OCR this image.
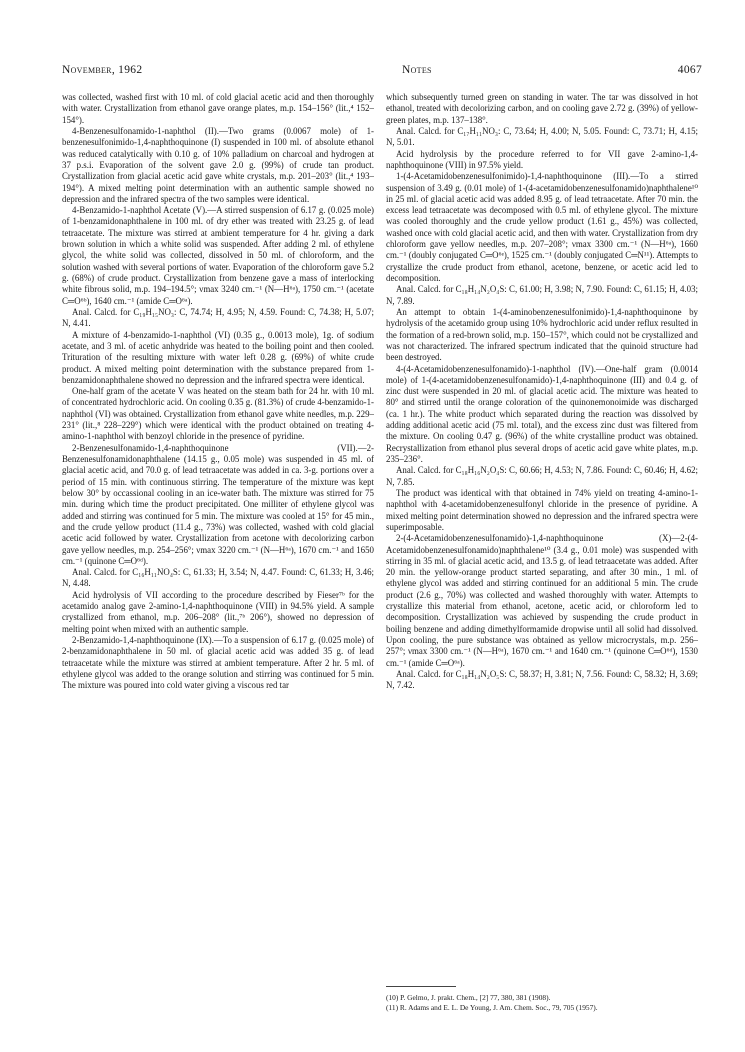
November, 1962	Notes	4067

was collected, washed first with 10 ml. of cold glacial acetic acid and then thoroughly with water. Crystallization from ethanol gave orange plates, m.p. 154–156° (lit.,⁴ 152–154°).

4-Benzenesulfonamido-1-naphthol (II).—Two grams (0.0067 mole) of 1-benzenesulfonimido-1,4-naphthoquinone (I) suspended in 100 ml. of absolute ethanol was reduced catalytically with 0.10 g. of 10% palladium on charcoal and hydrogen at 37 p.s.i. Evaporation of the solvent gave 2.0 g. (99%) of crude tan product. Crystallization from glacial acetic acid gave white crystals, m.p. 201–203° (lit.,⁴ 193–194°). A mixed melting point determination with an authentic sample showed no depression and the infrared spectra of the two samples were identical.

4-Benzamido-1-naphthol Acetate (V).—A stirred suspension of 6.17 g. (0.025 mole) of 1-benzamidonaphthalene in 100 ml. of dry ether was treated with 23.25 g. of lead tetraacetate. The mixture was stirred at ambient temperature for 4 hr. giving a dark brown solution in which a white solid was suspended. After adding 2 ml. of ethylene glycol, the white solid was collected, dissolved in 50 ml. of chloroform, and the solution washed with several portions of water. Evaporation of the chloroform gave 5.2 g. (68%) of crude product. Crystallization from benzene gave a mass of interlocking white fibrous solid, m.p. 194–194.5°; νmax 3240 cm.⁻¹ (N—H⁶ᵃ), 1750 cm.⁻¹ (acetate C═O⁶ᵇ), 1640 cm.⁻¹ (amide C═O⁶ᵃ).

Anal. Calcd. for C₁₉H₁₅NO₃: C, 74.74; H, 4.95; N, 4.59. Found: C, 74.38; H, 5.07; N, 4.41.

A mixture of 4-benzamido-1-naphthol (VI) (0.35 g., 0.0013 mole), 1g. of sodium acetate, and 3 ml. of acetic anhydride was heated to the boiling point and then cooled. Trituration of the resulting mixture with water left 0.28 g. (69%) of white crude product. A mixed melting point determination with the substance prepared from 1-benzamidonaphthalene showed no depression and the infrared spectra were identical.

One-half gram of the acetate V was heated on the steam bath for 24 hr. with 10 ml. of concentrated hydrochloric acid. On cooling 0.35 g. (81.3%) of crude 4-benzamido-1-naphthol (VI) was obtained. Crystallization from ethanol gave white needles, m.p. 229–231° (lit.,⁸ 228–229°) which were identical with the product obtained on treating 4-amino-1-naphthol with benzoyl chloride in the presence of pyridine.

2-Benzenesulfonamido-1,4-naphthoquinone (VII).—2-Benzenesulfonamidonaphthalene (14.15 g., 0.05 mole) was suspended in 45 ml. of glacial acetic acid, and 70.0 g. of lead tetraacetate was added in ca. 3-g. portions over a period of 15 min. with continuous stirring. The temperature of the mixture was kept below 30° by occassional cooling in an ice-water bath. The mixture was stirred for 75 min. during which time the product precipitated. One milliter of ethylene glycol was added and stirring was continued for 5 min. The mixture was cooled at 15° for 45 min., and the crude yellow product (11.4 g., 73%) was collected, washed with cold glacial acetic acid followed by water. Crystallization from acetone with decolorizing carbon gave yellow needles, m.p. 254–256°; νmax 3220 cm.⁻¹ (N—H⁶ᵃ), 1670 cm.⁻¹ and 1650 cm.⁻¹ (quinone C═O⁶ᵈ).

Anal. Calcd. for C₁₆H₁₁NO₄S: C, 61.33; H, 3.54; N, 4.47. Found: C, 61.33; H, 3.46; N, 4.48.

Acid hydrolysis of VII according to the procedure described by Fieser⁷ᵇ for the acetamido analog gave 2-amino-1,4-naphthoquinone (VIII) in 94.5% yield. A sample crystallized from ethanol, m.p. 206–208° (lit.,⁷ᵇ 206°), showed no depression of melting point when mixed with an authentic sample.

2-Benzamido-1,4-naphthoquinone (IX).—To a suspension of 6.17 g. (0.025 mole) of 2-benzamidonaphthalene in 50 ml. of glacial acetic acid was added 35 g. of lead tetraacetate while the mixture was stirred at ambient temperature. After 2 hr. 5 ml. of ethylene glycol was added to the orange solution and stirring was continued for 5 min. The mixture was poured into cold water giving a viscous red tar

which subsequently turned green on standing in water. The tar was dissolved in hot ethanol, treated with decolorizing carbon, and on cooling gave 2.72 g. (39%) of yellow-green plates, m.p. 137–138°.

Anal. Calcd. for C₁₇H₁₁NO₃: C, 73.64; H, 4.00; N, 5.05. Found: C, 73.71; H, 4.15; N, 5.01.

Acid hydrolysis by the procedure referred to for VII gave 2-amino-1,4-naphthoquinone (VIII) in 97.5% yield.

1-(4-Acetamidobenzenesulfonimido)-1,4-naphthoquinone (III).—To a stirred suspension of 3.49 g. (0.01 mole) of 1-(4-acetamidobenzenesulfonamido)naphthalene¹⁰ in 25 ml. of glacial acetic acid was added 8.95 g. of lead tetraacetate. After 70 min. the excess lead tetraacetate was decomposed with 0.5 ml. of ethylene glycol. The mixture was cooled thoroughly and the crude yellow product (1.61 g., 45%) was collected, washed once with cold glacial acetic acid, and then with water. Crystallization from dry chloroform gave yellow needles, m.p. 207–208°; νmax 3300 cm.⁻¹ (N—H⁶ᵃ), 1660 cm.⁻¹ (doubly conjugated C═O⁶ᵉ), 1525 cm.⁻¹ (doubly conjugated C═N¹¹). Attempts to crystallize the crude product from ethanol, acetone, benzene, or acetic acid led to decomposition.

Anal. Calcd. for C₁₈H₁₄N₂O₄S: C, 61.00; H, 3.98; N, 7.90. Found: C, 61.15; H, 4.03; N, 7.89.

An attempt to obtain 1-(4-aminobenzenesulfonimido)-1,4-naphthoquinone by hydrolysis of the acetamido group using 10% hydrochloric acid under reflux resulted in the formation of a red-brown solid, m.p. 150–157°, which could not be crystallized and was not characterized. The infrared spectrum indicated that the quinoid structure had been destroyed.

4-(4-Acetamidobenzenesulfonamido)-1-naphthol (IV).—One-half gram (0.0014 mole) of 1-(4-acetamidobenzenesulfonamido)-1,4-naphthoquinone (III) and 0.4 g. of zinc dust were suspended in 20 ml. of glacial acetic acid. The mixture was heated to 80° and stirred until the orange coloration of the quinonemonoimide was discharged (ca. 1 hr.). The white product which separated during the reaction was dissolved by adding additional acetic acid (75 ml. total), and the excess zinc dust was filtered from the mixture. On cooling 0.47 g. (96%) of the white crystalline product was obtained. Recrystallization from ethanol plus several drops of acetic acid gave white plates, m.p. 235–236°.

Anal. Calcd. for C₁₈H₁₆N₂O₄S: C, 60.66; H, 4.53; N, 7.86. Found: C, 60.46; H, 4.62; N, 7.85.

The product was identical with that obtained in 74% yield on treating 4-amino-1-naphthol with 4-acetamidobenzenesulfonyl chloride in the presence of pyridine. A mixed melting point determination showed no depression and the infrared spectra were superimposable.

2-(4-Acetamidobenzenesulfonamido)-1,4-naphthoquinone (X)—2-(4-Acetamidobenzenesulfonamido)naphthalene¹⁰ (3.4 g., 0.01 mole) was suspended with stirring in 35 ml. of glacial acetic acid, and 13.5 g. of lead tetraacetate was added. After 20 min. the yellow-orange product started separating, and after 30 min., 1 ml. of ethylene glycol was added and stirring continued for an additional 5 min. The crude product (2.6 g., 70%) was collected and washed thoroughly with water. Attempts to crystallize this material from ethanol, acetone, acetic acid, or chloroform led to decomposition. Crystallization was achieved by suspending the crude product in boiling benzene and adding dimethylformamide dropwise until all solid had dissolved. Upon cooling, the pure substance was obtained as yellow microcrystals, m.p. 256–257°; νmax 3300 cm.⁻¹ (N—H⁶ᵃ), 1670 cm.⁻¹ and 1640 cm.⁻¹ (quinone C═O⁶ᵈ), 1530 cm.⁻¹ (amide C═O⁶ᵃ).

Anal. Calcd. for C₁₈H₁₄N₂O₅S: C, 58.37; H, 3.81; N, 7.56. Found: C, 58.32; H, 3.69; N, 7.42.

(10) P. Gelmo, J. prakt. Chem., [2] 77, 380, 381 (1908).

(11) R. Adams and E. L. De Young, J. Am. Chem. Soc., 79, 705 (1957).
